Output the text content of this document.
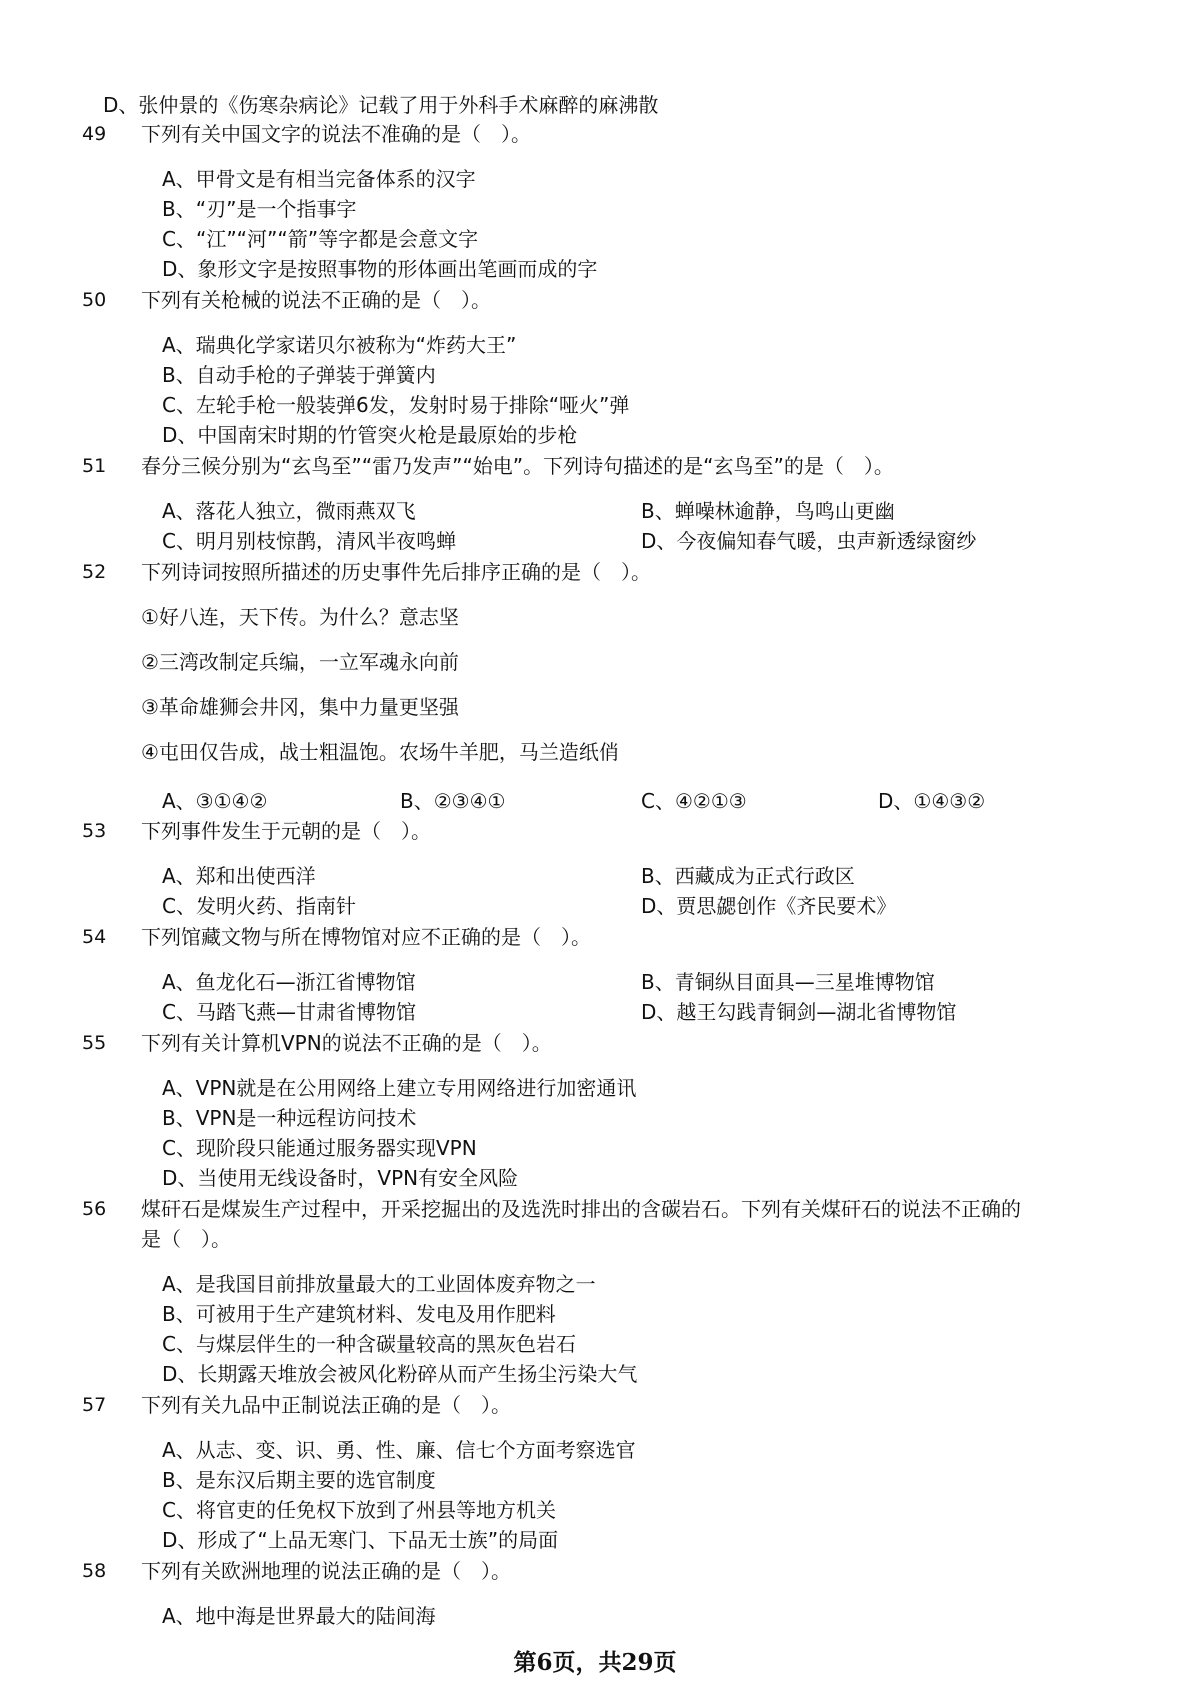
D、张仲景的《伤寒杂病论》记载了用于外科手术麻醉的麻沸散
49	下列有关中国文字的说法不准确的是（　）。
A、甲骨文是有相当完备体系的汉字
B、“刃”是一个指事字
C、“江”“河”“箭”等字都是会意文字
D、象形文字是按照事物的形体画出笔画而成的字
50	下列有关枪械的说法不正确的是（　）。
A、瑞典化学家诺贝尔被称为“炸药大王”
B、自动手枪的子弹装于弹簧内
C、左轮手枪一般装弹6发，发射时易于排除“哑火”弹
D、中国南宋时期的竹管突火枪是最原始的步枪
51	春分三候分别为“玄鸟至”“雷乃发声”“始电”。下列诗句描述的是“玄鸟至”的是（　）。
A、落花人独立，微雨燕双飞	B、蝉噪林逾静，鸟鸣山更幽
C、明月别枝惊鹊，清风半夜鸣蝉	D、今夜偏知春气暖，虫声新透绿窗纱
52	下列诗词按照所描述的历史事件先后排序正确的是（　）。
①好八连，天下传。为什么？意志坚
②三湾改制定兵编，一立军魂永向前
③革命雄狮会井冈，集中力量更坚强
④屯田仅告成，战士粗温饱。农场牛羊肥，马兰造纸俏
A、③①④②	B、②③④①	C、④②①③	D、①④③②
53	下列事件发生于元朝的是（　）。
A、郑和出使西洋	B、西藏成为正式行政区
C、发明火药、指南针	D、贾思勰创作《齐民要术》
54	下列馆藏文物与所在博物馆对应不正确的是（　）。
A、鱼龙化石—浙江省博物馆	B、青铜纵目面具—三星堆博物馆
C、马踏飞燕—甘肃省博物馆	D、越王勾践青铜剑—湖北省博物馆
55	下列有关计算机VPN的说法不正确的是（　）。
A、VPN就是在公用网络上建立专用网络进行加密通讯
B、VPN是一种远程访问技术
C、现阶段只能通过服务器实现VPN
D、当使用无线设备时，VPN有安全风险
56	煤矸石是煤炭生产过程中，开采挖掘出的及选洗时排出的含碳岩石。下列有关煤矸石的说法不正确的
是（　）。
A、是我国目前排放量最大的工业固体废弃物之一
B、可被用于生产建筑材料、发电及用作肥料
C、与煤层伴生的一种含碳量较高的黑灰色岩石
D、长期露天堆放会被风化粉碎从而产生扬尘污染大气
57	下列有关九品中正制说法正确的是（　）。
A、从志、变、识、勇、性、廉、信七个方面考察选官
B、是东汉后期主要的选官制度
C、将官吏的任免权下放到了州县等地方机关
D、形成了“上品无寒门、下品无士族”的局面
58	下列有关欧洲地理的说法正确的是（　）。
A、地中海是世界最大的陆间海
第6页，共29页
